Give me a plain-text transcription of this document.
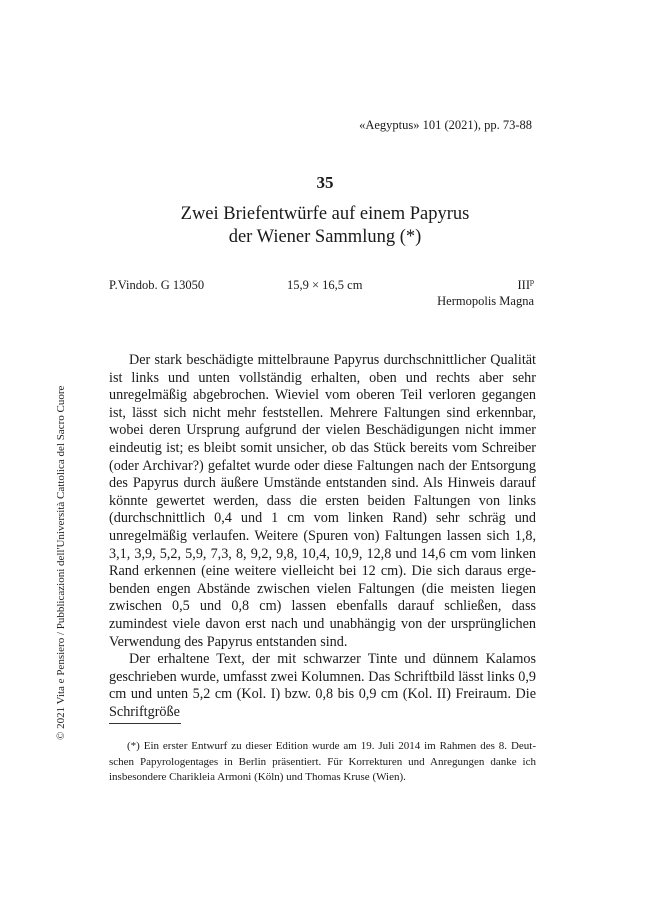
«Aegyptus» 101 (2021), pp. 73-88
35
Zwei Briefentwürfe auf einem Papyrus
der Wiener Sammlung (*)
P.Vindob. G 13050	15,9 × 16,5 cm	III$^p$
Hermopolis Magna

Der stark beschädigte mittelbraune Papyrus durchschnittlicher Qualität ist links und unten vollständig erhalten, oben und rechts aber sehr unregelmäßig abgebrochen. Wieviel vom oberen Teil verloren gegangen ist, lässt sich nicht mehr feststellen. Mehrere Faltungen sind erkennbar, wobei deren Ursprung aufgrund der vielen Beschädigungen nicht immer eindeutig ist; es bleibt somit unsicher, ob das Stück bereits vom Schreiber (oder Archivar?) gefaltet wurde oder diese Faltungen nach der Entsorgung des Papyrus durch äußere Umstände entstanden sind. Als Hinweis darauf könnte gewertet werden, dass die ersten beiden Faltungen von links (durchschnittlich 0,4 und 1 cm vom linken Rand) sehr schräg und unregelmäßig verlaufen. Weitere (Spuren von) Faltungen lassen sich 1,8, 3,1, 3,9, 5,2, 5,9, 7,3, 8, 9,2, 9,8, 10,4, 10,9, 12,8 und 14,6 cm vom linken Rand erkennen (eine weitere vielleicht bei 12 cm). Die sich daraus ergebenden engen Abstände zwischen vielen Faltungen (die meisten liegen zwischen 0,5 und 0,8 cm) lassen ebenfalls darauf schließen, dass zumindest viele davon erst nach und unabhängig von der ursprünglichen Verwendung des Papyrus entstanden sind.

Der erhaltene Text, der mit schwarzer Tinte und dünnem Kalamos geschrieben wurde, umfasst zwei Kolumnen. Das Schriftbild lässt links 0,9 cm und unten 5,2 cm (Kol. I) bzw. 0,8 bis 0,9 cm (Kol. II) Freiraum. Die Schriftgröße

(*) Ein erster Entwurf zu dieser Edition wurde am 19. Juli 2014 im Rahmen des 8. Deutschen Papyrologentages in Berlin präsentiert. Für Korrekturen und Anregungen danke ich insbesondere Charikleia Armoni (Köln) und Thomas Kruse (Wien).
© 2021 Vita e Pensiero / Pubblicazioni dell'Università Cattolica del Sacro Cuore
